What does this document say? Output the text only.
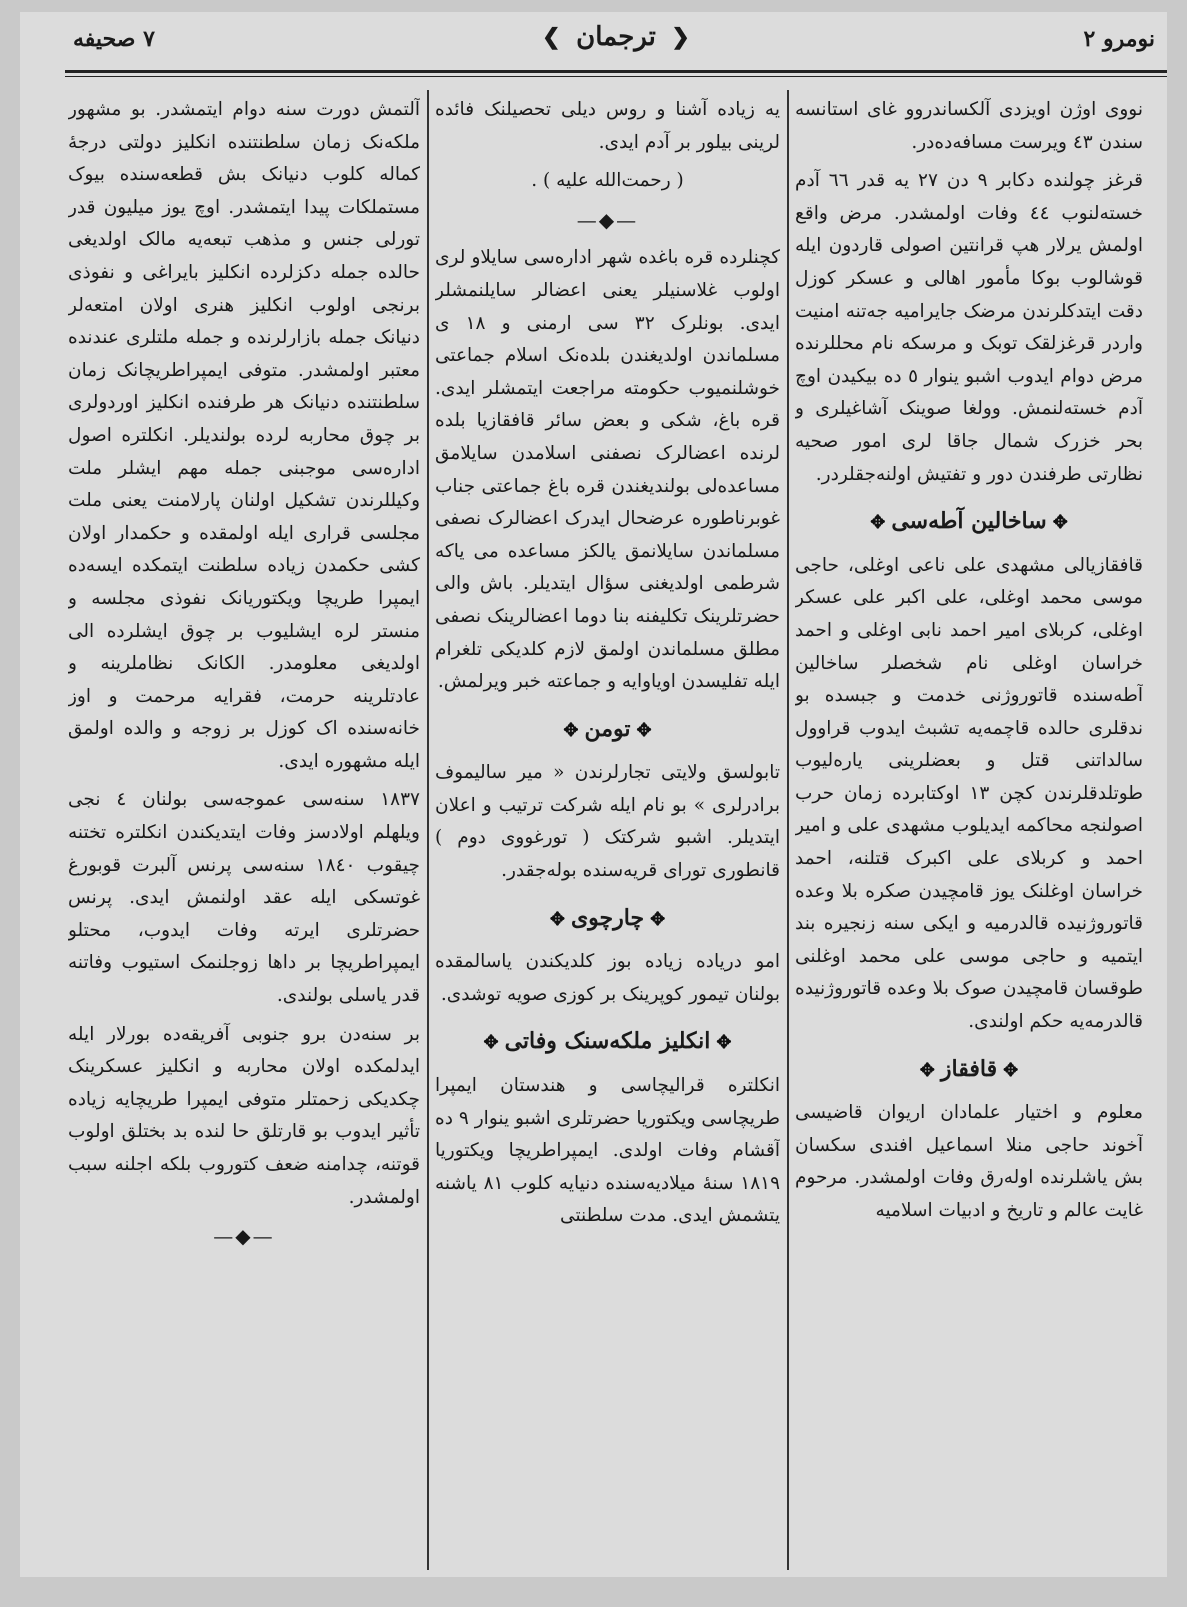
نومرو ٢
❮ ترجمان ❯
٧ صحيفه

نووی اوژن اویزدی آلکساندروو غای استانسه سندن ٤٣ ویرست مسافه‌ده‌در.

قرغز چولنده دکابر ٩ دن ٢٧ یه قدر ٦٦ آدم خسته‌لنوب ٤٤ وفات اولمشدر. مرض واقع اولمش یرلار هپ قرانتین اصولی قاردون ایله قوشالوب بوکا مأمور اهالی و عسکر کوزل دقت ایتدکلرندن مرضک جایرامیه جه‌تنه امنیت واردر قرغزلقک توبک و مرسکه نام محللرنده مرض دوام ایدوب اشبو ینوار ٥ ده بیکیدن اوچ آدم خسته‌لنمش. وولغا صوینک آشاغیلری و بحر خزرک شمال جاقا لری امور صحیه نظارتی طرفندن دور و تفتیش اولنه‌جقلردر.

✥ساخالین آطه‌سی✥

قافقازیالی مشهدی علی ناعی اوغلی، حاجی موسی محمد اوغلی، علی اکبر علی عسکر اوغلی، کربلای امیر احمد نابی اوغلی و احمد خراسان اوغلی نام شخصلر ساخالین آطه‌سنده قاتوروژنی خدمت و جبسده بو ندقلری حالده قاچمه‌یه تشبث ایدوب قراوول سالداتنی قتل و بعضلرینی یاره‌لیوب طوتلدقلرندن کچن ١٣ اوکتابرده زمان حرب اصولنجه محاکمه ایدیلوب مشهدی علی و امیر احمد و کربلای علی اکبرک قتلنه، احمد خراسان اوغلنک یوز قامچیدن صکره بلا وعده قاتوروژنیده قالدرمیه و ایکی سنه زنجیره بند ایتمیه و حاجی موسی علی محمد اوغلنی طوقسان قامچیدن صوک بلا وعده قاتوروژنیده قالدرمه‌یه حکم اولندی.

✥قافقاز✥

معلوم و اختیار علمادان اریوان قاضیسی آخوند حاجی منلا اسماعیل افندی سکسان بش یاشلرنده اوله‌رق وفات اولمشدر. مرحوم غایت عالم و تاریخ و ادبیات اسلامیه

یه زیاده آشنا و روس دیلی تحصیلنک فائده لرینی بیلور بر آدم ایدی.

( رحمت‌الله علیه ) .

—◆—

کچنلرده قره باغده شهر ادارەسی سایلاو لری اولوب غلاسنیلر یعنی اعضالر سایلنمشلر ایدی. بونلرک ٣٢ سی ارمنی و ١٨ ی مسلماندن اولدیغندن بلده‌نک اسلام جماعتی خوشلنمیوب حکومته مراجعت ایتمشلر ایدی. قره باغ، شکی و بعض سائر قافقازیا بلده لرنده اعضالرک نصفنی اسلامدن سایلامق مساعده‌لی بولندیغندن قره باغ جماعتی جناب غوبرناطوره عرضحال ایدرک اعضالرک نصفی مسلماندن سایلانمق یالکز مساعده می یاکه شرطمی اولدیغنی سؤال ایتدیلر. باش والی حضرتلرینک تکلیفنه بنا دوما اعضالرینک نصفی مطلق مسلماندن اولمق لازم کلدیکی تلغرام ایله تفلیسدن اویاوایه و جماعته خبر ویرلمش.

✥تومن✥

تابولسق ولایتی تجارلرندن « میر سالیموف برادرلری » بو نام ایله شرکت ترتیب و اعلان ایتدیلر. اشبو شرکتک ( تورغووی دوم ) قانطوری تورای قریه‌سنده بوله‌جقدر.

✥چارچوی✥

امو دریاده زیاده بوز کلدیکندن یاسالمقده بولنان تیمور کوپرینک بر کوزی صویه توشدی.

✥انکلیز ملکه‌سنک وفاتی✥

انکلتره قرالیچاسی و هندستان ایمپرا طریچاسی ویکتوریا حضرتلری اشبو ینوار ٩ ده آقشام وفات اولدی. ایمپراطریچا ویکتوریا ١٨١٩ سنهٔ میلادیه‌سنده دنیایه کلوب ٨١ یاشنه یتشمش ایدی. مدت سلطنتی

آلتمش دورت سنه دوام ایتمشدر. بو مشهور ملکه‌نک زمان سلطنتنده انکلیز دولتی درجهٔ کماله کلوب دنیانک بش قطعه‌سنده بیوک مستملکات پیدا ایتمشدر. اوچ یوز میلیون قدر تورلی جنس و مذهب تبعه‌یه مالک اولدیغی حالده جمله دکزلرده انکلیز بایراغی و نفوذی برنجی اولوب انکلیز هنری اولان امتعه‌لر دنیانک جمله بازارلرنده و جمله ملتلری عندنده معتبر اولمشدر. متوفی ایمپراطریچانک زمان سلطنتنده دنیانک هر طرفنده انکلیز اوردولری بر چوق محاربه لرده بولندیلر. انکلتره اصول اداره‌سی موجبنی جمله مهم ایشلر ملت وکیللرندن تشکیل اولنان پارلامنت یعنی ملت مجلسی قراری ایله اولمقده و حکمدار اولان کشی حکمدن زیاده سلطنت ایتمکده ایسه‌ده ایمپرا طریچا ویکتوریانک نفوذی مجلسه و منستر لره ایشلیوب بر چوق ایشلرده الی اولدیغی معلومدر. الکانک نظاملرینه و عادتلرینه حرمت، فقرایه مرحمت و اوز خانه‌سنده اک کوزل بر زوجه و والده اولمق ایله مشهوره ایدی.

١٨٣٧ سنه‌سی عموجه‌سی بولنان ٤ نجی ویلهلم اولادسز وفات ایتدیکندن انکلتره تختنه چیقوب ١٨٤٠ سنه‌سی پرنس آلبرت قوبورغ غوتسکی ایله عقد اولنمش ایدی. پرنس حضرتلری ایرته وفات ایدوب، محتلو ایمپراطریچا بر داها زوجلنمک استیوب وفاتنه قدر یاسلی بولندی.

بر سنه‌دن برو جنوبی آفریقه‌ده بورلار ایله ایدلمکده اولان محاربه و انکلیز عسکرینک چکدیکی زحمتلر متوفی ایمپرا طریچایه زیاده تأثیر ایدوب بو قارتلق حا لنده بد بختلق اولوب قوتنه، چدامنه ضعف کتوروب بلکه اجلنه سبب اولمشدر.

—◆—
